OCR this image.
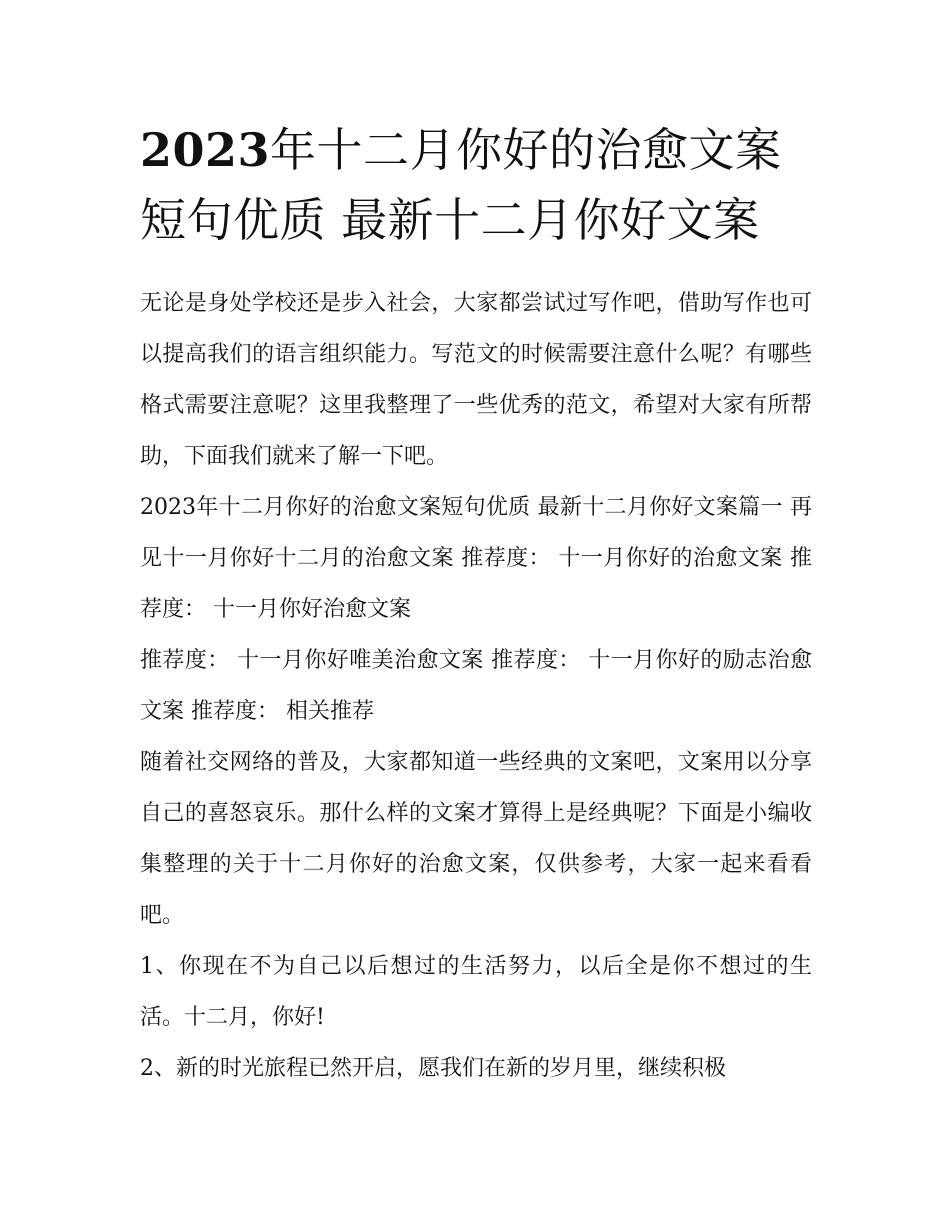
2023年十二月你好的治愈文案短句优质 最新十二月你好文案

无论是身处学校还是步入社会，大家都尝试过写作吧，借助写作也可以提高我们的语言组织能力。写范文的时候需要注意什么呢？有哪些格式需要注意呢？这里我整理了一些优秀的范文，希望对大家有所帮助，下面我们就来了解一下吧。

2023年十二月你好的治愈文案短句优质 最新十二月你好文案篇一 再见十一月你好十二月的治愈文案 推荐度： 十一月你好的治愈文案 推荐度： 十一月你好治愈文案

推荐度： 十一月你好唯美治愈文案 推荐度： 十一月你好的励志治愈文案 推荐度： 相关推荐

随着社交网络的普及，大家都知道一些经典的文案吧，文案用以分享自己的喜怒哀乐。那什么样的文案才算得上是经典呢？下面是小编收集整理的关于十二月你好的治愈文案，仅供参考，大家一起来看看吧。

1、你现在不为自己以后想过的生活努力，以后全是你不想过的生活。十二月，你好!

2、新的时光旅程已然开启，愿我们在新的岁月里，继续积极
